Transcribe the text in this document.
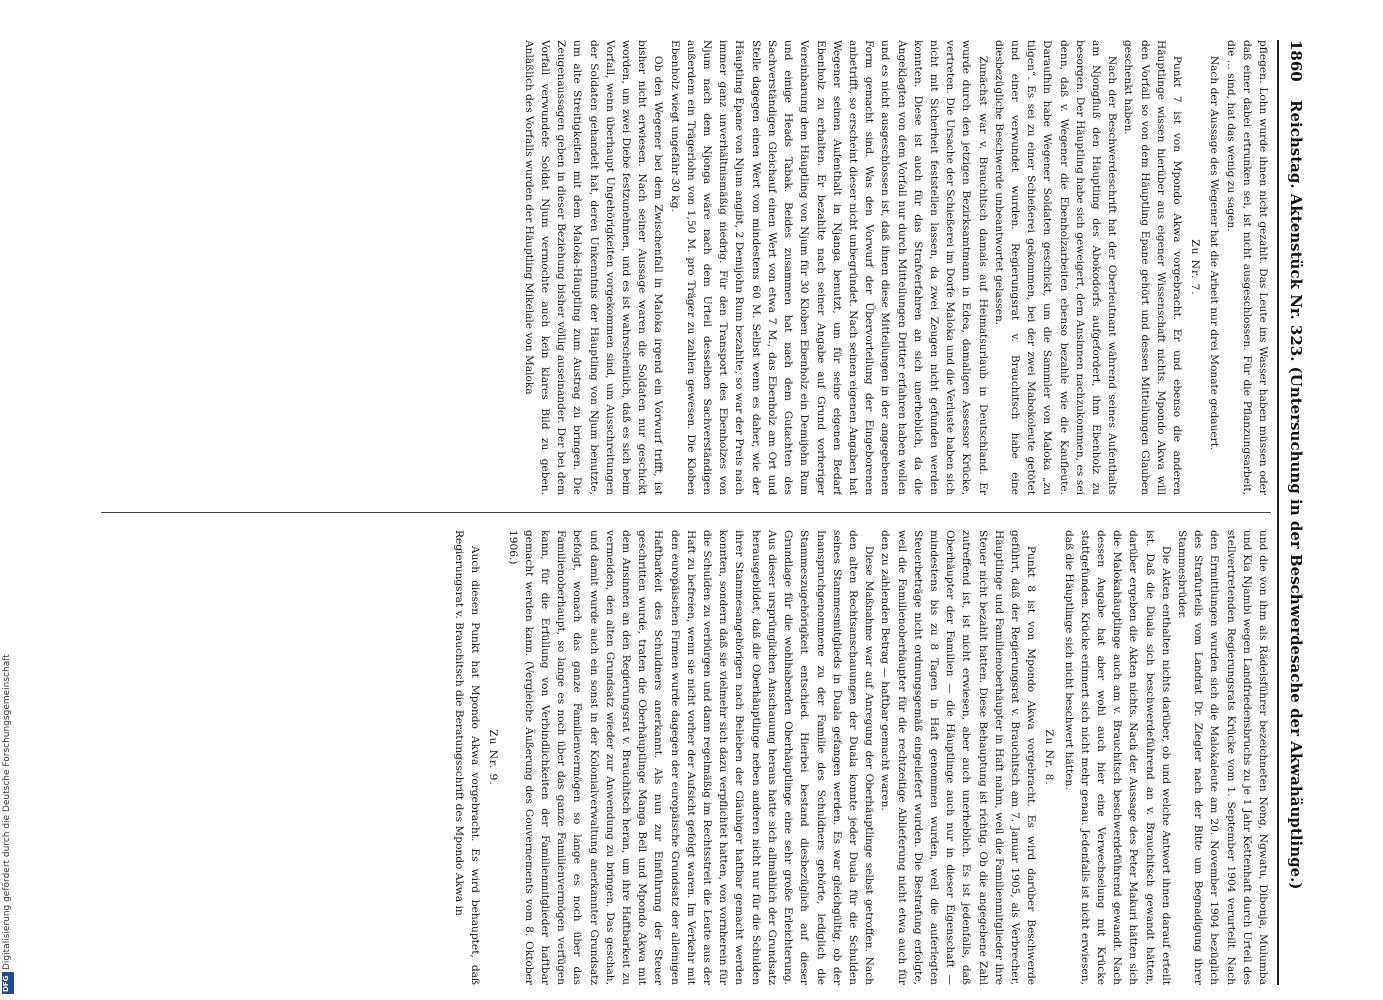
1860
Reichstag. Aktenstück Nr. 323. (Untersuchung in der Beschwerdesache der Akwahäuptlinge.)

pflegen. Lohn wurde ihnen nicht gezahlt. Das Leute ins Wasser haben müssen oder daß einer dabei ertrunken sei, ist nicht ausgeschlossen. Für die Pflanzungsarbeit, die ... sind, hat das wenig zu sagen.

Nach der Aussage des Wegener hat die Arbeit nur drei Monate gedauert.

Zu Nr. 7.

Punkt 7 ist von Mpondo Akwa vorgebracht. Er und ebenso die anderen Häuptlinge wissen hierüber aus eigener Wissenschaft nichts. Mpondo Akwa will den Vorfall so von dem Häuptling Epane gehört und dessen Mitteilungen Glauben geschenkt haben.

Nach der Beschwerdeschrift hat der Oberleutnant während seines Aufenthalts am Njongfluß den Häuptling des Abokodorfs aufgefordert, ihm Ebenholz zu besorgen. Der Häuptling habe sich geweigert, dem Ansinnen nachzukommen, es sei denn, daß v. Wegener die Ebenholzarbeiten ebenso bezahle wie die Kaufleute. Daraufhin habe Wegener Soldaten geschickt, um die Sammler von Maloka „zu tilgen“. Es sei zu einer Schießerei gekommen, bei der zwei Mabokoleute getötet und einer verwundet wurden. Regierungsrat v. Brauchitsch habe eine diesbezügliche Beschwerde unbeantwortet gelassen.

Zunächst war v. Brauchitsch damals auf Heimatsurlaub in Deutschland. Er wurde durch den jetzigen Bezirksamtmann in Edea, damaligen Assessor Krücke, vertreten. Die Ursache der Schießerei im Dorfe Maloka und die Verluste haben sich nicht mit Sicherheit feststellen lassen, da zwei Zeugen nicht gefunden werden konnten. Diese ist auch für das Strafverfahren an sich unerheblich, da die Angeklagten von dem Vorfall nur durch Mitteilungen Dritter erfahren haben wollen und es nicht ausgeschlossen ist, daß ihnen diese Mitteilungen in der angegebenen Form gemacht sind. Was den Vorwurf der Übervorteilung der Eingeborenen anbetrifft, so erscheint dieser nicht unbegründet. Nach seinen eigenen Angaben hat Wegener seinen Aufenthalt in Njanga benutzt, um für seine eigenen Bedarf Ebenholz zu erhalten. Er bezahlte nach seiner Angabe auf Grund vorheriger Vereinbarung dem Häuptling von Njum für 30 Kloben Ebenholz ein Demijohn Rum und einige Heads Tabak. Beides zusammen hat nach dem Gutachten des Sachverständigen Gleichauf einen Wert von etwa 7 M., das Ebenholz am Ort und Stelle dagegen einen Wert von mindestens 60 M. Selbst wenn es daher, wie der Häuptling Epane von Njum angibt, 2 Demijohn Rum bezahlte, so war der Preis nach immer ganz unverhältnismäßig niedrig. Für den Transport des Ebenholzes von Njum nach dem Njonga wäre nach dem Urteil desselben Sachverständigen außerdem ein Trägerlohn von 1,50 M. pro Träger zu zahlen gewesen. Die Kloben Ebenholz wiegt ungefähr 30 kg.

Ob den Wegener bei dem Zwischenfall in Maloka irgend ein Vorwurf trifft, ist bisher nicht erwiesen. Nach seiner Aussage waren die Soldaten nur geschickt worden, um zwei Diebe festzunehmen, und es ist wahrscheinlich, daß es sich beim Vorfall, wenn überhaupt Ungehörigkeiten vorgekommen sind, um Ausschreitungen der Soldaten gehandelt hat, deren Unkenntnis der Häuptling von Njum benutzte, um alte Streitigkeiten mit dem Maloka-Häuptling zum Austrag zu bringen. Die Zeugenaussagen geben in dieser Beziehung bisher völlig auseinander. Der bei dem Vorfall verwundete Soldat Njum vermochte auch kein klares Bild zu geben. Anläßlich des Vorfalls wurden der Häuptling Mikelale von Maloka

und die von ihm als Rädelsführer bezeichneten Nong, Ngwatu, Dibonja, Mulumba und Kia Njambi wegen Landfriedensbruchs zu je 1 Jahr Kettenhaft durch Urteil des stellvertretenden Regierungsrats Krücke vom 1. September 1904 verurteilt. Nach den Ermittlungen wurden sich die Malokaleute am 20. November 1904 bezüglich des Strafurteils vom Landrat Dr. Ziegler nach der Bitte um Begnadigung ihrer Stammesbrüder.

Die Akten enthalten nichts darüber, ob und welche Antwort ihnen darauf erteilt ist. Daß die Duala sich beschwerdeführend an v. Brauchitsch gewandt hätten, darüber ergeben die Akten nichts. Nach der Aussage des Peter Makuri hätten sich die Malokahäuptlinge auch am v. Brauchitsch beschwerdeführend gewandt. Nach dessen Angabe hat aber wohl auch hier eine Verwechselung mit Krücke stattgefunden. Krücke erinnert sich nicht mehr genau. Jedenfalls ist nicht erwiesen, daß die Häuptlinge sich nicht beschwert hätten.

Zu Nr. 8.

Punkt 8 ist von Mpondo Akwa vorgebracht. Es wird darüber Beschwerde geführt, daß der Regierungsrat v. Brauchitsch am 7. Januar 1905, als Verbrecher, Häuptlinge und Familienoberhäupter in Haft nahm, weil die Familienmitglieder ihre Steuer nicht bezahlt hatten. Diese Behauptung ist richtig. Ob die angegebene Zahl zutreffend ist, ist nicht erwiesen, aber auch unerheblich. Es ist jedenfalls, daß Oberhäupter der Familien — die Häuptlinge auch nur in dieser Eigenschaft — mindestens bis zu 8 Tagen in Haft genommen wurden, weil die auferlegten Steuerbeträge nicht ordnungsgemäß eingeliefert wurden. Die Bestrafung erfolgte, weil die Familienoberhäupter für die rechtzeitige Ablieferung nicht etwa auch für den zu zahlenden Betrag — haftbar gemacht waren.

Diese Maßnahme war auf Anregung der Oberhäuptlinge selbst getroffen. Nach den alten Rechtsanschauungen der Duala konnte jeder Duala für die Schulden seines Stammesmitglieds in Duala gefangen werden. Es war gleichgültig, ob der Inanspruchgenommene zu der Familie des Schuldners gehörte, lediglich die Stammeszugehörigkeit entschied. Hierbei bestand diesbezüglich auf dieser Grundlage für die wohlhabenden Oberhäuptlinge eine sehr große Erleichterung. Aus dieser ursprünglichen Anschauung heraus hatte sich allmählich der Grundsatz herausgebildet, daß die Oberhäuptlinge neben anderen nicht nur für die Schulden ihrer Stammesangehörigen nach Belieben der Gläubiger haftbar gemacht werden konnten, sondern daß sie vielmehr sich dazu verpflichtet hatten, von vornherein für die Schulden zu verbürgen und dann regelmäßig im Rechtsstreit die Leute aus der Haft zu befreien, wenn sie nicht vorher der Aufsicht gefolgt waren. Im Verkehr mit den europäischen Firmen wurde dagegen der europäische Grundsatz der alleinigen Haftbarkeit des Schuldners anerkannt. Als nun zur Einführung der Steuer geschritten wurde, traten die Oberhäuptlinge Manga Bell und Mpondo Akwa mit dem Ansinnen an den Regierungsrat v. Brauchitsch heran, um ihre Haftbarkeit zu vermeiden, den alten Grundsatz wieder zur Anwendung zu bringen. Das geschah, und damit wurde auch ein sonst in der Kolonialverwaltung anerkannter Grundsatz befolgt, wonach das ganze Familienvermögen so lange es noch über das Familienoberhaupt, so lange es noch über das ganze Familienvermögen verfügen kann, für die Erfüllung von Verbindlichkeiten der Familienmitglieder haftbar gemacht werden kann. (Vergleiche Äußerung des Gouvernements vom 8. Oktober 1906.)

Zu Nr. 9.

Auch diesen Punkt hat Mpondo Akwa vorgebracht. Es wird behauptet, daß Regierungsrat v. Brauchitsch die Beratungsschrift des Mpondo Akwa in

Digitalisierung gefördert durch die Deutsche Forschungsgemeinschaft
DFG
